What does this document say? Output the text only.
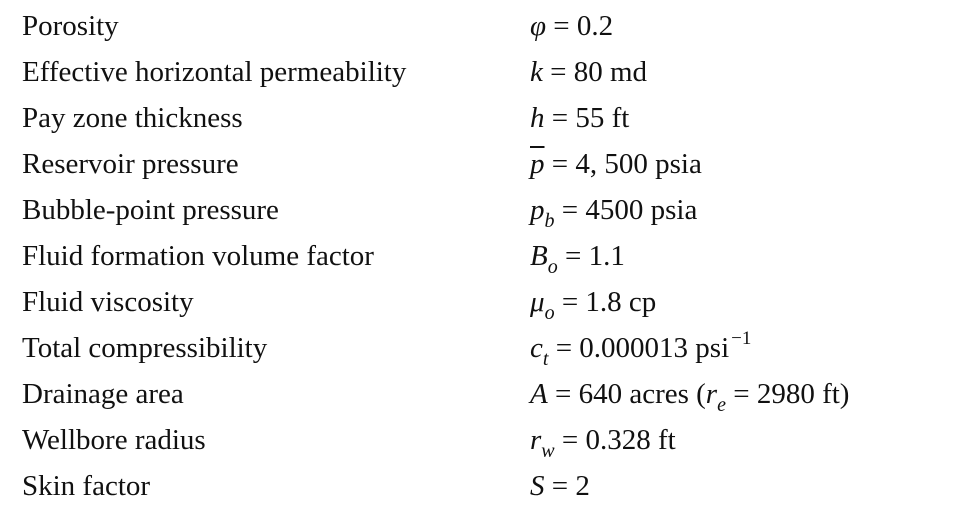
Porosity	φ = 0.2
Effective horizontal permeability	k = 80 md
Pay zone thickness	h = 55 ft
Reservoir pressure	$\overline{p} = 4$, 500 psia
Bubble-point pressure	$p_b = 4500$ psia
Fluid formation volume factor	$B_o = 1.1$
Fluid viscosity	$\mu_o = 1.8$ cp
Total compressibility	$c_t = 0.000013$ psi $^{-1}$
Drainage area	A = 640 acres ($r_e = 2980$ ft)
Wellbore radius	$r_w = 0.328$ ft
Skin factor	S = 2
